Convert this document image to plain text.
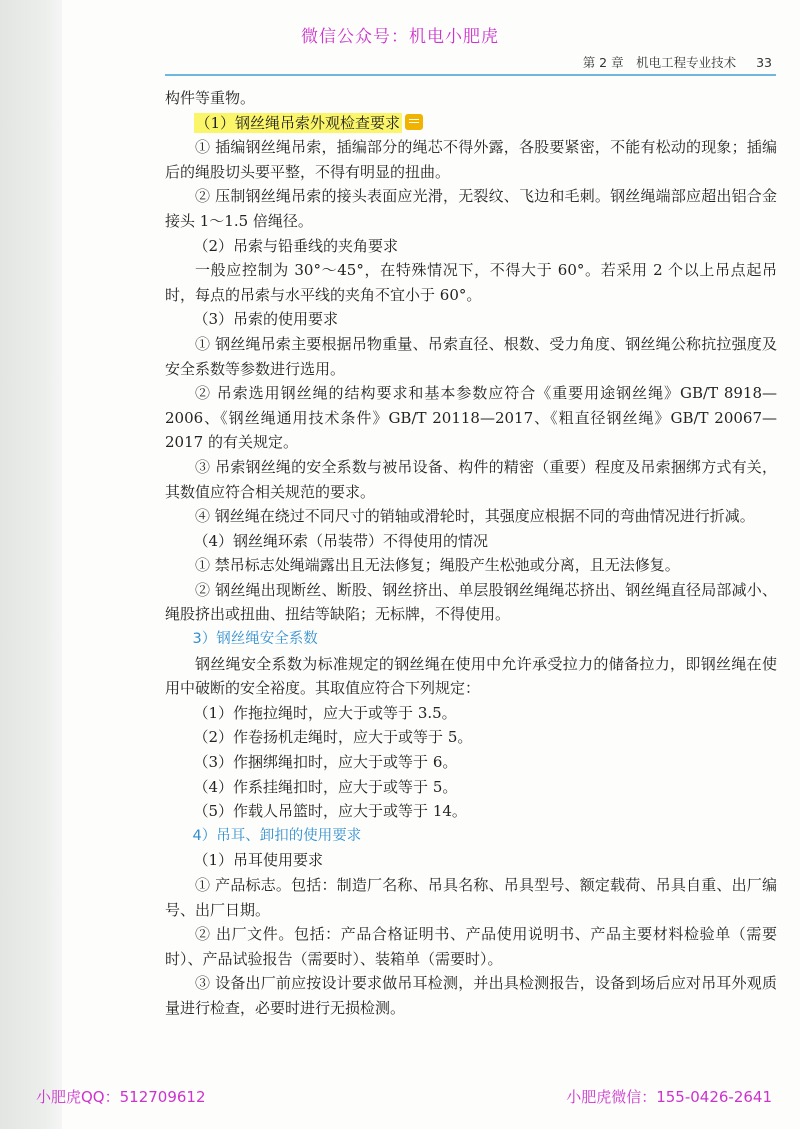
微信公众号：机电小肥虎
第 2 章　机电工程专业技术 33

构件等重物。

（1）钢丝绳吊索外观检查要求

① 插编钢丝绳吊索，插编部分的绳芯不得外露，各股要紧密，不能有松动的现象；插编后的绳股切头要平整，不得有明显的扭曲。

② 压制钢丝绳吊索的接头表面应光滑，无裂纹、飞边和毛刺。钢丝绳端部应超出铝合金接头 1～1.5 倍绳径。

（2）吊索与铅垂线的夹角要求

一般应控制为 30°～45°，在特殊情况下，不得大于 60°。若采用 2 个以上吊点起吊时，每点的吊索与水平线的夹角不宜小于 60°。

（3）吊索的使用要求

① 钢丝绳吊索主要根据吊物重量、吊索直径、根数、受力角度、钢丝绳公称抗拉强度及安全系数等参数进行选用。

② 吊索选用钢丝绳的结构要求和基本参数应符合《重要用途钢丝绳》GB/T 8918—2006、《钢丝绳通用技术条件》GB/T 20118—2017、《粗直径钢丝绳》GB/T 20067—2017 的有关规定。

③ 吊索钢丝绳的安全系数与被吊设备、构件的精密（重要）程度及吊索捆绑方式有关，其数值应符合相关规范的要求。

④ 钢丝绳在绕过不同尺寸的销轴或滑轮时，其强度应根据不同的弯曲情况进行折减。

（4）钢丝绳环索（吊装带）不得使用的情况

① 禁吊标志处绳端露出且无法修复；绳股产生松弛或分离，且无法修复。

② 钢丝绳出现断丝、断股、钢丝挤出、单层股钢丝绳绳芯挤出、钢丝绳直径局部减小、绳股挤出或扭曲、扭结等缺陷；无标牌，不得使用。

3）钢丝绳安全系数

钢丝绳安全系数为标准规定的钢丝绳在使用中允许承受拉力的储备拉力，即钢丝绳在使用中破断的安全裕度。其取值应符合下列规定：

（1）作拖拉绳时，应大于或等于 3.5。

（2）作卷扬机走绳时，应大于或等于 5。

（3）作捆绑绳扣时，应大于或等于 6。

（4）作系挂绳扣时，应大于或等于 5。

（5）作载人吊篮时，应大于或等于 14。

4）吊耳、卸扣的使用要求

（1）吊耳使用要求

① 产品标志。包括：制造厂名称、吊具名称、吊具型号、额定载荷、吊具自重、出厂编号、出厂日期。

② 出厂文件。包括：产品合格证明书、产品使用说明书、产品主要材料检验单（需要时）、产品试验报告（需要时）、装箱单（需要时）。

③ 设备出厂前应按设计要求做吊耳检测，并出具检测报告，设备到场后应对吊耳外观质量进行检查，必要时进行无损检测。

小肥虎QQ：512709612	小肥虎微信：155-0426-2641
